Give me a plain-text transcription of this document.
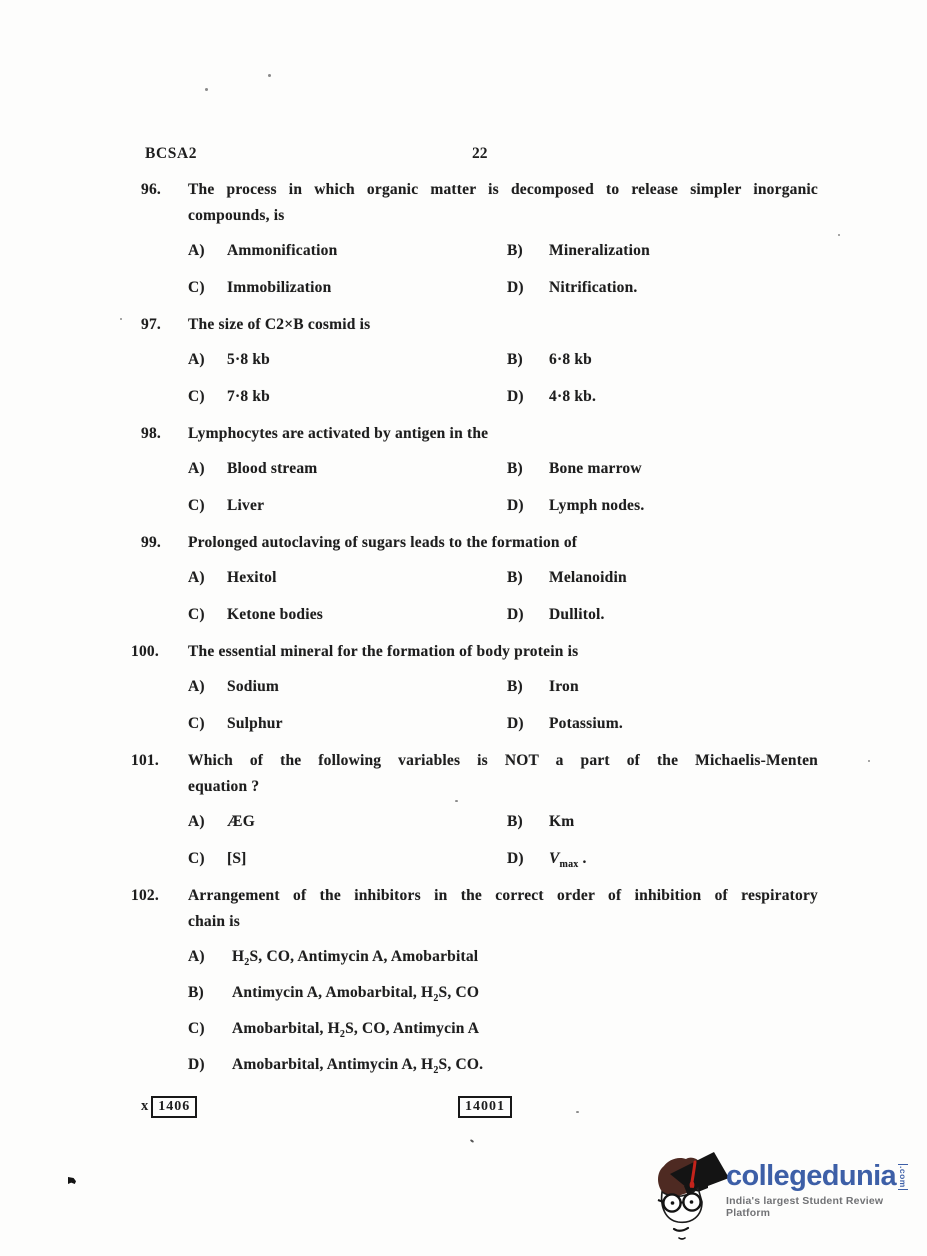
BCSA2	22
96.	The process in which organic matter is decomposed to release simpler inorganic
compounds, is
A)	Ammonification	B)	Mineralization
C)	Immobilization	D)	Nitrification.
97.	The size of C2×B cosmid is
A)	5·8 kb	B)	6·8 kb
C)	7·8 kb	D)	4·8 kb.
98.	Lymphocytes are activated by antigen in the
A)	Blood stream	B)	Bone marrow
C)	Liver	D)	Lymph nodes.
99.	Prolonged autoclaving of sugars leads to the formation of
A)	Hexitol	B)	Melanoidin
C)	Ketone bodies	D)	Dullitol.
100.	The essential mineral for the formation of body protein is
A)	Sodium	B)	Iron
C)	Sulphur	D)	Potassium.
101.	Which of the following variables is NOT a part of the Michaelis-Menten
equation ?
A)	ÆG	B)	Km
C)	[S]	D)	$V_{max}$ .
102.	Arrangement of the inhibitors in the correct order of inhibition of respiratory
chain is
A)	$H_2S$, CO, Antimycin A, Amobarbital
B)	Antimycin A, Amobarbital, $H_2S$, CO
C)	Amobarbital, $H_2S$, CO, Antimycin A
D)	Amobarbital, Antimycin A, $H_2S$, CO.
x 1406	14001
collegedunia .com
India's largest Student Review Platform
